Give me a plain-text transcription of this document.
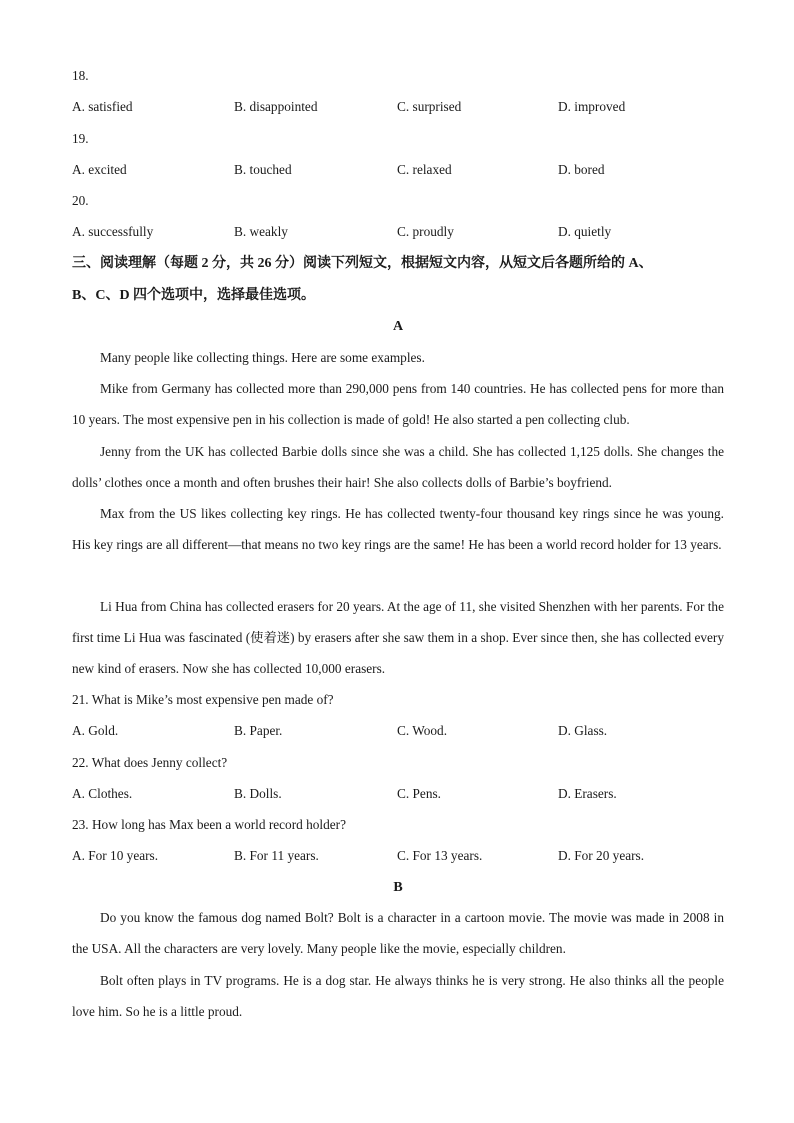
18.
A. satisfied	B. disappointed	C. surprised	D. improved
19.
A. excited	B. touched	C. relaxed	D. bored
20.
A. successfully	B. weakly	C. proudly	D. quietly
三、阅读理解（每题 2 分，共 26 分）阅读下列短文，根据短文内容，从短文后各题所给的 A、
B、C、D 四个选项中，选择最佳选项。
A
Many people like collecting things. Here are some examples.
Mike from Germany has collected more than 290,000 pens from 140 countries. He has collected pens for more than 10 years. The most expensive pen in his collection is made of gold! He also started a pen collecting club.
Jenny from the UK has collected Barbie dolls since she was a child. She has collected 1,125 dolls. She changes the dolls’ clothes once a month and often brushes their hair! She also collects dolls of Barbie’s boyfriend.
Max from the US likes collecting key rings. He has collected twenty-four thousand key rings since he was young. His key rings are all different—that means no two key rings are the same! He has been a world record holder for 13 years.
Li Hua from China has collected erasers for 20 years. At the age of 11, she visited Shenzhen with her parents. For the first time Li Hua was fascinated (使着迷) by erasers after she saw them in a shop. Ever since then, she has collected every new kind of erasers. Now she has collected 10,000 erasers.
21. What is Mike’s most expensive pen made of?
A. Gold.	B. Paper.	C. Wood.	D. Glass.
22. What does Jenny collect?
A. Clothes.	B. Dolls.	C. Pens.	D. Erasers.
23. How long has Max been a world record holder?
A. For 10 years.	B. For 11 years.	C. For 13 years.	D. For 20 years.
B
Do you know the famous dog named Bolt? Bolt is a character in a cartoon movie. The movie was made in 2008 in the USA. All the characters are very lovely. Many people like the movie, especially children.
Bolt often plays in TV programs. He is a dog star. He always thinks he is very strong. He also thinks all the people love him. So he is a little proud.
